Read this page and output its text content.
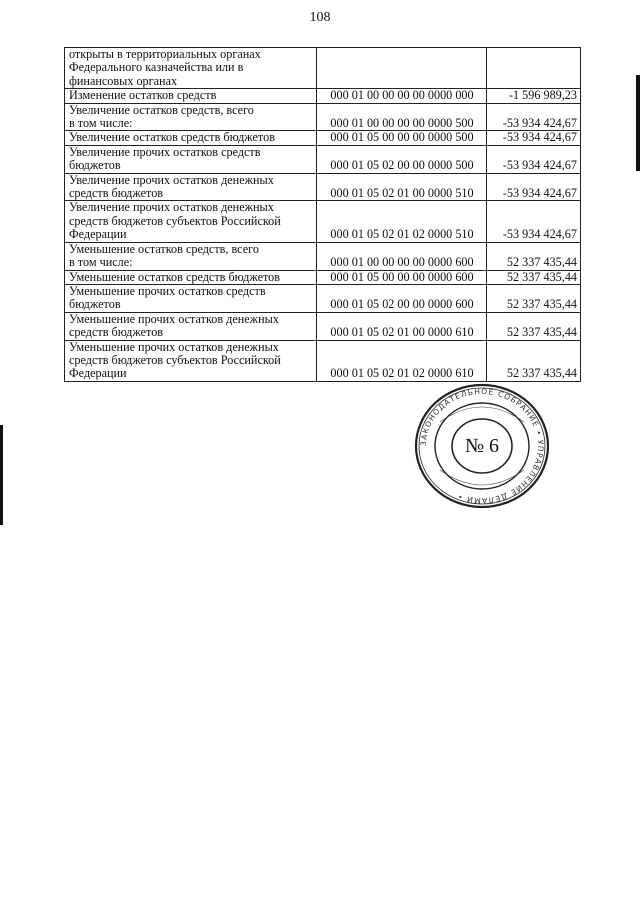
108
открыты в территориальных органах
Федерального казначейства или в
финансовых органах		

Изменение остатков средств	000 01 00 00 00 00 0000 000	-1 596 989,23

Увеличение остатков средств, всего
в том числе:	000 01 00 00 00 00 0000 500	-53 934 424,67

Увеличение остатков средств бюджетов	000 01 05 00 00 00 0000 500	-53 934 424,67

Увеличение прочих остатков средств
бюджетов	000 01 05 02 00 00 0000 500	-53 934 424,67

Увеличение прочих остатков денежных
средств бюджетов	000 01 05 02 01 00 0000 510	-53 934 424,67

Увеличение прочих остатков денежных
средств бюджетов субъектов Российской
Федерации	000 01 05 02 01 02 0000 510	-53 934 424,67

Уменьшение остатков средств, всего
в том числе:	000 01 00 00 00 00 0000 600	52 337 435,44

Уменьшение остатков средств бюджетов	000 01 05 00 00 00 0000 600	52 337 435,44

Уменьшение прочих остатков средств
бюджетов	000 01 05 02 00 00 0000 600	52 337 435,44

Уменьшение прочих остатков денежных
средств бюджетов	000 01 05 02 01 00 0000 610	52 337 435,44

Уменьшение прочих остатков денежных
средств бюджетов субъектов Российской
Федерации	000 01 05 02 01 02 0000 610	52 337 435,44
ЗАКОНОДАТЕЛЬНОЕ СОБРАНИЕ • УПРАВЛЕНИЕ ДЕЛАМИ •
№ 6
